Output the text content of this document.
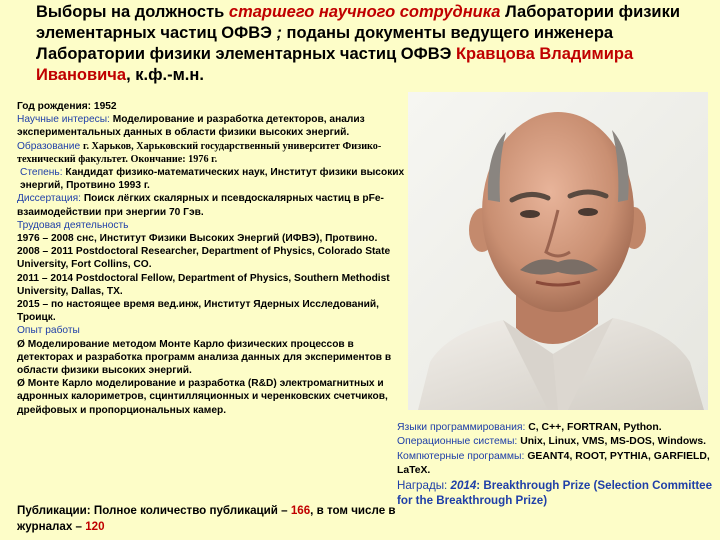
Выборы на должность старшего научного сотрудника Лаборатории физики элементарных частиц ОФВЭ ; поданы документы ведущего инженера Лаборатории физики элементарных частиц ОФВЭ Кравцова Владимира Ивановича, к.ф.-м.н.

Год рождения: 1952

Научные интересы: Моделирование и разработка детекторов, анализ экспериментальных данных в области физики высоких энергий.

Образование г. Харьков, Харьковский государственный университет Физико-технический факультет. Окончание: 1976 г.

Степень: Кандидат физико-математических наук, Институт физики высоких энергий, Протвино 1993 г.

Диссертация: Поиск лёгких скалярных и псевдоскалярных частиц в pFe-взаимодействии при энергии 70 Гэв.

Трудовая деятельность

1976 – 2008 снс, Институт Физики Высоких Энергий (ИФВЭ), Протвино.

2008 – 2011 Postdoctoral Researcher, Department of Physics, Colorado State University, Fort Collins, CO.

2011 – 2014 Postdoctoral Fellow, Department of Physics, Southern Methodist University, Dallas, TX.

2015 – по настоящее время вед.инж, Институт Ядерных Исследований, Троицк.

Опыт работы

Ø Моделирование методом Монте Карло физических процессов в детекторах и разработка программ анализа данных для экспериментов в области физики высоких энергий.

Ø Монте Карло моделирование и разработка (R&D) электромагнитных и адронных калориметров, сцинтилляционных и черенковских счетчиков, дрейфовых и пропорциональных камер.

Языки программирования: C, C++, FORTRAN, Python.

Операционные системы: Unix, Linux, VMS, MS-DOS, Windows.

Компютерные программы: GEANT4, ROOT, PYTHIA, GARFIELD, LaTeX.

Награды: 2014: Breakthrough Prize (Selection Committee for the Breakthrough Prize)

Публикации: Полное количество публикаций – 166, в том числе в журналах – 120
